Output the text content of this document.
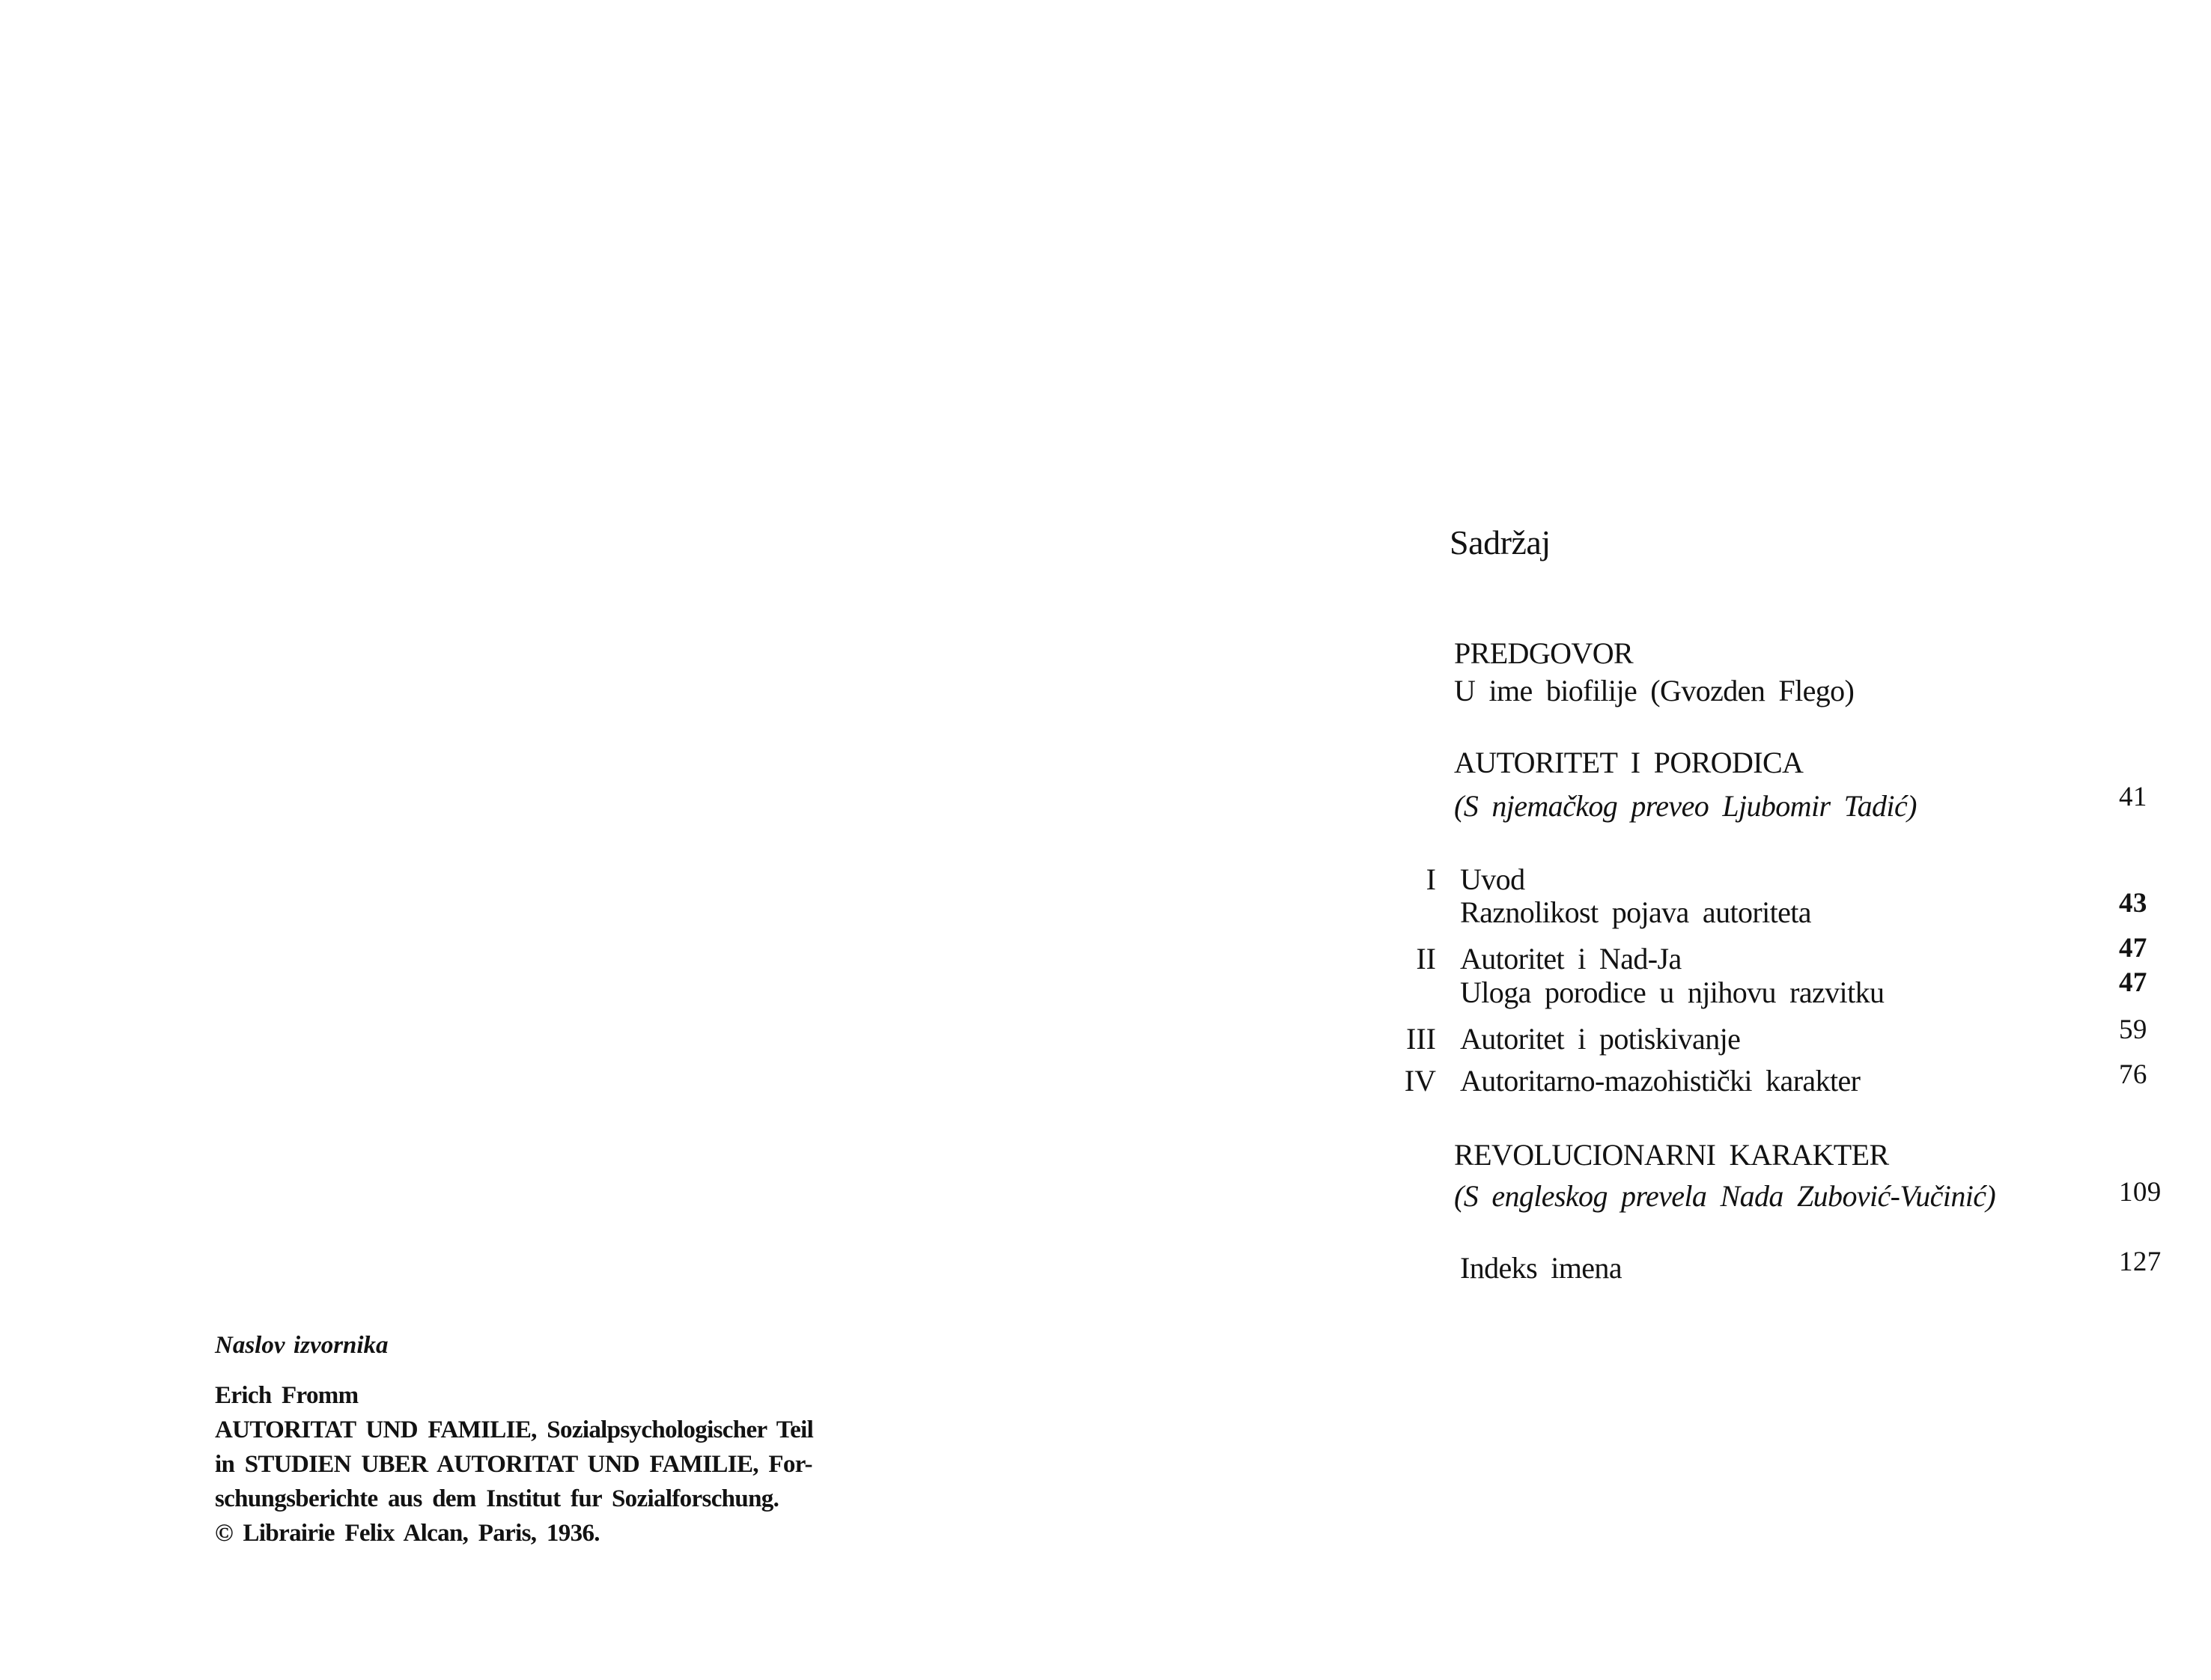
Sadržaj
PREDGOVOR
U ime biofilije (Gvozden Flego)
AUTORITET I PORODICA
(S njemačkog preveo Ljubomir Tadić)	41
I Uvod
Raznolikost pojava autoriteta	43
II Autoritet i Nad-Ja	47
Uloga porodice u njihovu razvitku	47
III Autoritet i potiskivanje	59
IV Autoritarno-mazohistički karakter	76
REVOLUCIONARNI KARAKTER
(S engleskog prevela Nada Zubović-Vučinić)	109
Indeks imena	127
Naslov izvornika
Erich Fromm
AUTORITAT UND FAMILIE, Sozialpsychologischer Teil
in STUDIEN UBER AUTORITAT UND FAMILIE, For-
schungsberichte aus dem Institut fur Sozialforschung.
© Librairie Felix Alcan, Paris, 1936.
